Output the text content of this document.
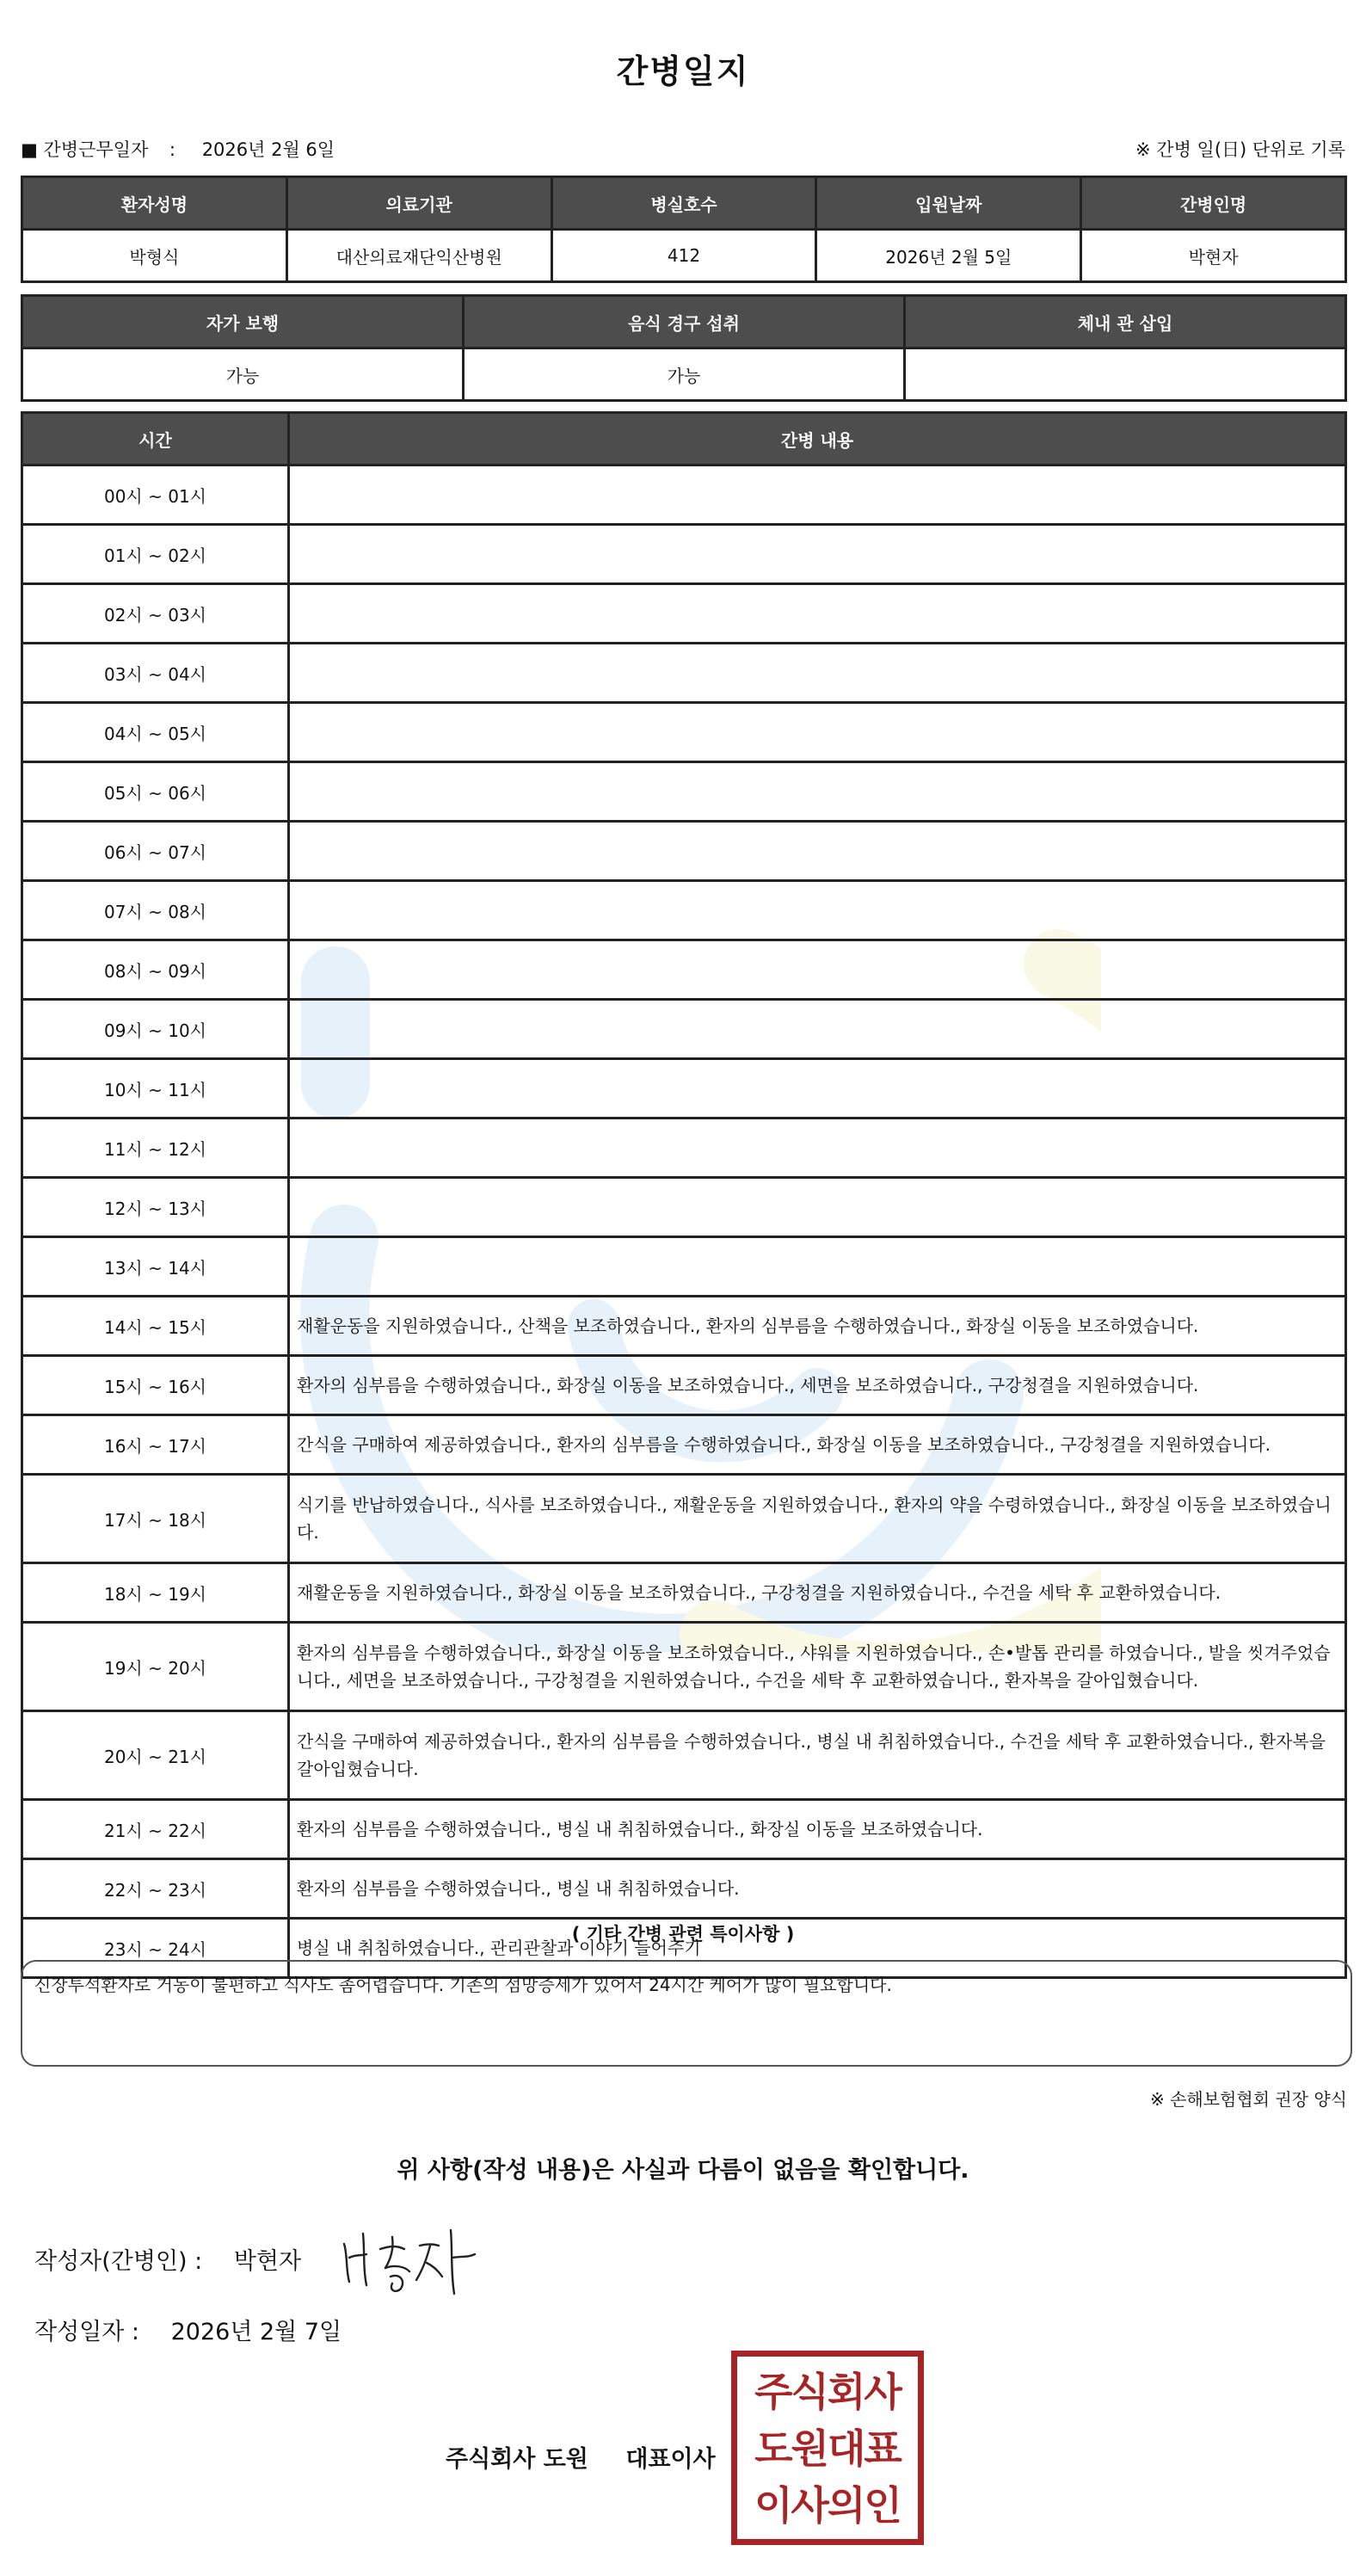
간병일지
■ 간병근무일자 : 2026년 2월 6일	※ 간병 일(日) 단위로 기록
환자성명	의료기관	병실호수	입원날짜	간병인명
박형식	대산의료재단익산병원	412	2026년 2월 5일	박현자
자가 보행	음식 경구 섭취	체내 관 삽입
가능	가능	
시간	간병 내용
00시 ~ 01시	
01시 ~ 02시	
02시 ~ 03시	
03시 ~ 04시	
04시 ~ 05시	
05시 ~ 06시	
06시 ~ 07시	
07시 ~ 08시	
08시 ~ 09시	
09시 ~ 10시	
10시 ~ 11시	
11시 ~ 12시	
12시 ~ 13시	
13시 ~ 14시	
14시 ~ 15시	재활운동을 지원하였습니다., 산책을 보조하였습니다., 환자의 심부름을 수행하였습니다., 화장실 이동을 보조하였습니다.
15시 ~ 16시	환자의 심부름을 수행하였습니다., 화장실 이동을 보조하였습니다., 세면을 보조하였습니다., 구강청결을 지원하였습니다.
16시 ~ 17시	간식을 구매하여 제공하였습니다., 환자의 심부름을 수행하였습니다., 화장실 이동을 보조하였습니다., 구강청결을 지원하였습니다.
17시 ~ 18시	식기를 반납하였습니다., 식사를 보조하였습니다., 재활운동을 지원하였습니다., 환자의 약을 수령하였습니다., 화장실 이동을 보조하였습니다.
18시 ~ 19시	재활운동을 지원하였습니다., 화장실 이동을 보조하였습니다., 구강청결을 지원하였습니다., 수건을 세탁 후 교환하였습니다.
19시 ~ 20시	환자의 심부름을 수행하였습니다., 화장실 이동을 보조하였습니다., 샤워를 지원하였습니다., 손•발톱 관리를 하였습니다., 발을 씻겨주었습니다., 세면을 보조하였습니다., 구강청결을 지원하였습니다., 수건을 세탁 후 교환하였습니다., 환자복을 갈아입혔습니다.
20시 ~ 21시	간식을 구매하여 제공하였습니다., 환자의 심부름을 수행하였습니다., 병실 내 취침하였습니다., 수건을 세탁 후 교환하였습니다., 환자복을 갈아입혔습니다.
21시 ~ 22시	환자의 심부름을 수행하였습니다., 병실 내 취침하였습니다., 화장실 이동을 보조하였습니다.
22시 ~ 23시	환자의 심부름을 수행하였습니다., 병실 내 취침하였습니다.
23시 ~ 24시	병실 내 취침하였습니다., 관리관찰과 이야기 들어주기
( 기타 간병 관련 특이사항 )
신장투석환자로 거동이 불편하고 식사도 좀어렵습니다. 기존의 섬망증세가 있어서 24시간 케어가 많이 필요합니다.
※ 손해보험협회 권장 양식
위 사항(작성 내용)은 사실과 다름이 없음을 확인합니다.
작성자(간병인) : 박현자
작성일자 : 2026년 2월 7일
주식회사 도원 대표이사
주식회사
도원대표
이사의인
